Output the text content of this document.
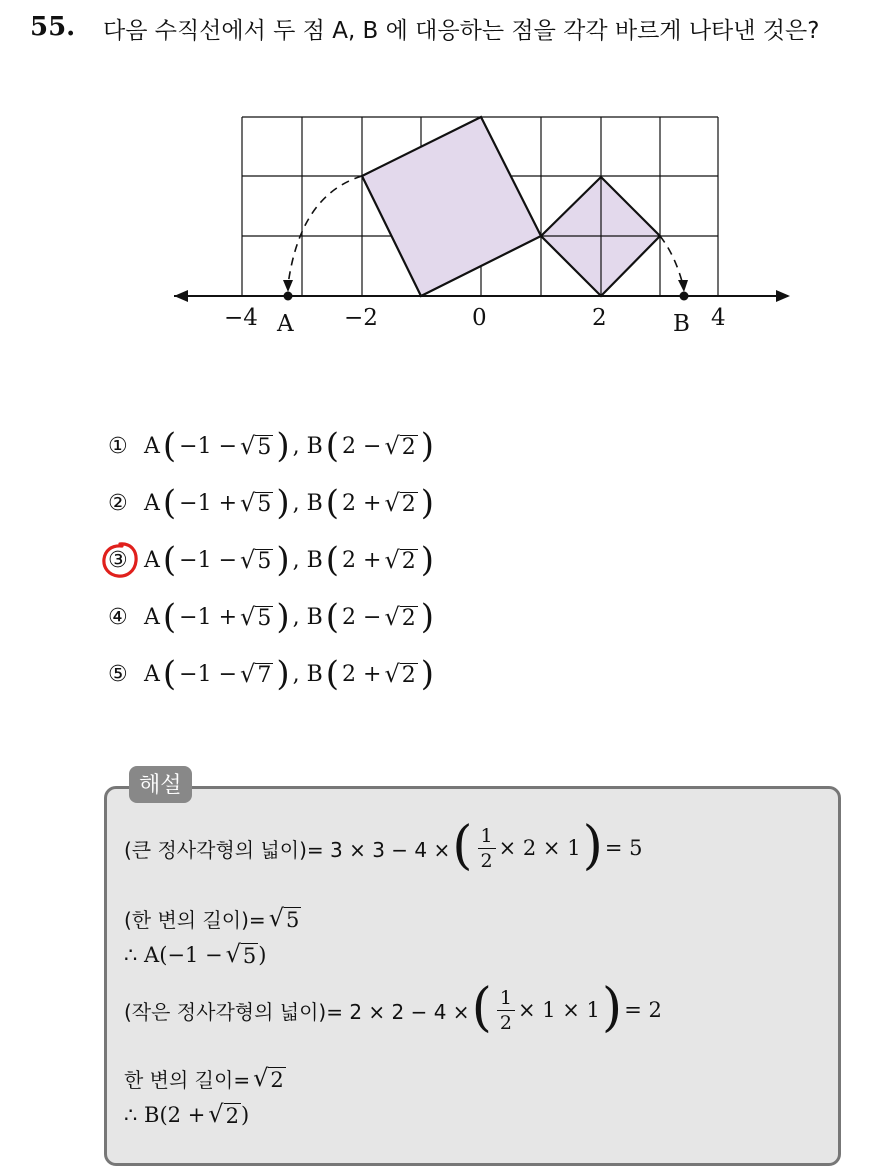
55. 다음 수직선에서 두 점 A, B 에 대응하는 점을 각각 바르게 나타낸 것은?
−4 A −2	0	2	B 4
① A ( −1 − √ 5 ) , B ( 2 − √ 2 )
② A ( −1 + √ 5 ) , B ( 2 + √ 2 )
③ A ( −1 − √ 5 ) , B ( 2 + √ 2 )
④ A ( −1 + √ 5 ) , B ( 2 − √ 2 )
⑤ A ( −1 − √ 7 ) , B ( 2 + √ 2 )
해설
(큰 정사각형의 넓이)= 3 × 3 − 4 × ( $\frac{1}{2} \times 2 \times 1$ ) = 5
(한 변의 길이)= √ 5
∴ A(−1 − √ 5 )
(작은 정사각형의 넓이)= 2 × 2 − 4 × ( $\frac{1}{2} \times 1 \times 1$ ) = 2
한 변의 길이= √ 2
∴ B(2 + √ 2 )
